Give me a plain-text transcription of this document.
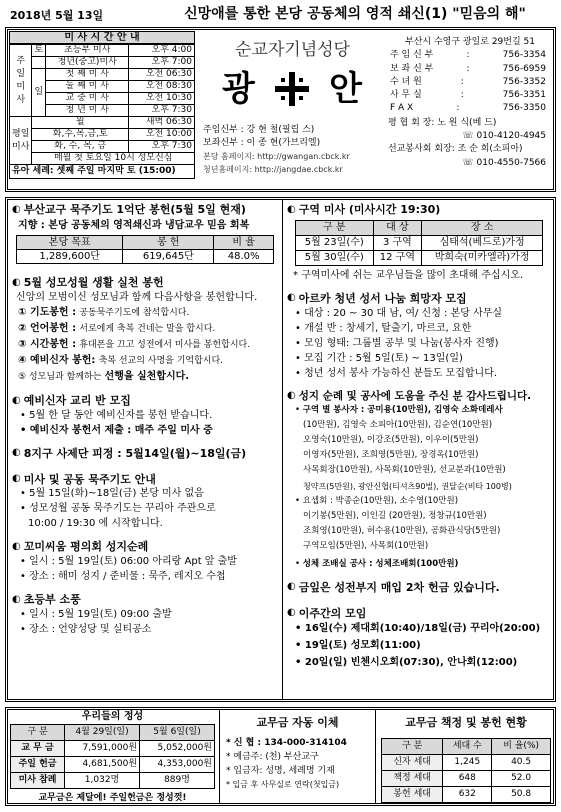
2018년 5월 13일	신망애를 통한 본당 공동체의 영적 쇄신(1) "믿음의 해"
미 사 시 간 안 내
주
일
미
사	토	초등부 미사	오후 4:00
		청년(중고)미사	오후 7:00
	일	첫 째 미 사	오전 06:30
		둘 째 미 사	오전 08:30
		교 중 미 사	오전 10:30
		청 년 미 사	오후 7:30
평일
미사	월		새벽 06:30
	화,수,목,금,토		오전 10:00
	화, 수, 목, 금		오후 7:30
	매월 첫 토요일 10시 성모신심		
유아 세례: 셋째 주일 마지막 토 (15:00)
순교자기념성당
광 안
주임신부 : 강 현 철(필립 스)
보좌신부 : 이 종 현(가브리엘)
본당 홈페이지: http://gwangan.cbck.kr
청년홈페이지: http://jangdae.cbck.kr
부산시 수영구 광일로 29번길 51
주 임 신 부	:	756-3354
보 좌 신 부	:	756-6959
수 녀 원	:	756-3352
사 무 실	:	756-3351
F A X	:	756-3350
평 협 회 장: 노 원 식(베 드)
☏ 010-4120-4945
선교봉사회 회장: 조 순 희(소피아)
☏ 010-4550-7566
◐ 부산교구 묵주기도 1억단 봉헌(5월 5일 현재)
지향 : 본당 공동체의 영적쇄신과 냉담교우 믿음 회복
본당 목표	봉 헌	비 율
1,289,600단	619,645단	48.0%
◐ 5월 성모성월 생활 실천 봉헌
신앙의 모범이신 성모님과 함께 다음사항을 봉헌합니다.
① 기도봉헌 : 공동묵주기도에 참석합시다.
② 언어봉헌 : 서로에게 축복 건네는 말을 합시다.
③ 시간봉헌 : 휴대폰을 끄고 성전에서 미사를 봉헌합시다.
④ 예비신자 봉헌: 축복 선교의 사명을 기억합시다.
⑤ 성모님과 함께하는 선행을 실천합시다.
◐ 예비신자 교리 반 모집
• 5월 한 달 동안 예비신자를 봉헌 받습니다.
• 예비신자 봉헌서 제출 : 매주 주일 미사 중
◐ 8지구 사제단 피정 : 5월14일(월)~18일(금)
◐ 미사 및 공동 묵주기도 안내
• 5월 15일(화)~18일(금) 본당 미사 없음
• 성모성월 공동 묵주기도는 꾸리아 주관으로
10:00 / 19:30 에 시작합니다.
◐ 꼬미씨움 평의회 성지순례
• 일시 : 5월 19일(토) 06:00 아리랑 Apt 앞 출발
• 장소 : 해미 성지 / 준비물 : 묵주, 레지오 수첩
◐ 초등부 소풍
• 일시 : 5월 19일(토) 09:00 출발
• 장소 : 언양성당 및 실티공소
◐ 구역 미사 (미사시간 19:30)
구 분	대 상	장 소
5월 23일(수)	3 구역	심태석(베드로)가정
5월 30일(수)	12 구역	박희숙(미카엘라)가정
* 구역미사에 쉬는 교우님들을 많이 초대해 주십시오.
◐ 아르카 청년 성서 나눔 희망자 모집
• 대상 : 20 ~ 30 대 남, 여/ 신청 : 본당 사무실
• 개설 반 : 창세기, 탈출기, 마르코, 요한
• 모임 형태: 그룹별 공부 및 나눔(봉사자 진행)
• 모집 기간 : 5월 5일(토) ~ 13일(일)
• 청년 성서 봉사 가능하신 분들도 모집합니다.
◐ 성지 순례 및 공사에 도움을 주신 분 감사드립니다.
• 구역 별 봉사자 : 공미용(10만원), 김영숙 소화데레사
(10만원), 김영숙 소피아(10만원), 김순연(10만원)
오영숙(10만원), 이강조(5만원), 이우이(5만원)
이영자(5만원), 조희영(5만원), 장경옥(10만원)
사목회장(10만원), 사목회(10만원), 선교분과(10만원)
청약프(5만원), 광안신협(티셔츠90벌), 권달순(비타 100병)
• 요셉회 : 박종순(10만원), 소수영(10만원)
이기봉(5만원), 이인길 (20만원), 정창규(10만원)
조희영(10만원), 허수용(10만원), 공화관식당(5만원)
구역모임(5만원), 사목회(10만원)
• 성체 조배실 공사 : 성체조배회(100만원)
◐ 금잎은 성전부지 매입 2차 헌금 있습니다.
◐ 이주간의 모임
• 16일(수) 제대회(10:40)/18일(금) 꾸리아(20:00)
• 19일(토) 성모회(11:00)
• 20일(일) 빈첸시오회(07:30), 안나회(12:00)
우리들의 정성
구 분	4월 29일(일)	5월 6일(일)
교 무 금	7,591,000원	5,052,000원
주일 헌금	4,681,500원	4,353,000원
미사 참례	1,032명	889명
교무금은 제달에! 주일헌금은 정성껏!
교무금 자동 이체
* 신 협 : 134-000-314104
* 예금주: (천) 부산교구
* 입금자: 성명, 세례명 기재
* 입금 후 사무실로 연락(첫입금)
교무금 책정 및 봉헌 현황
구 분	세대 수	비 율(%)
신자 세대	1,245	40.5
책정 세대	648	52.0
봉헌 세대	632	50.8
